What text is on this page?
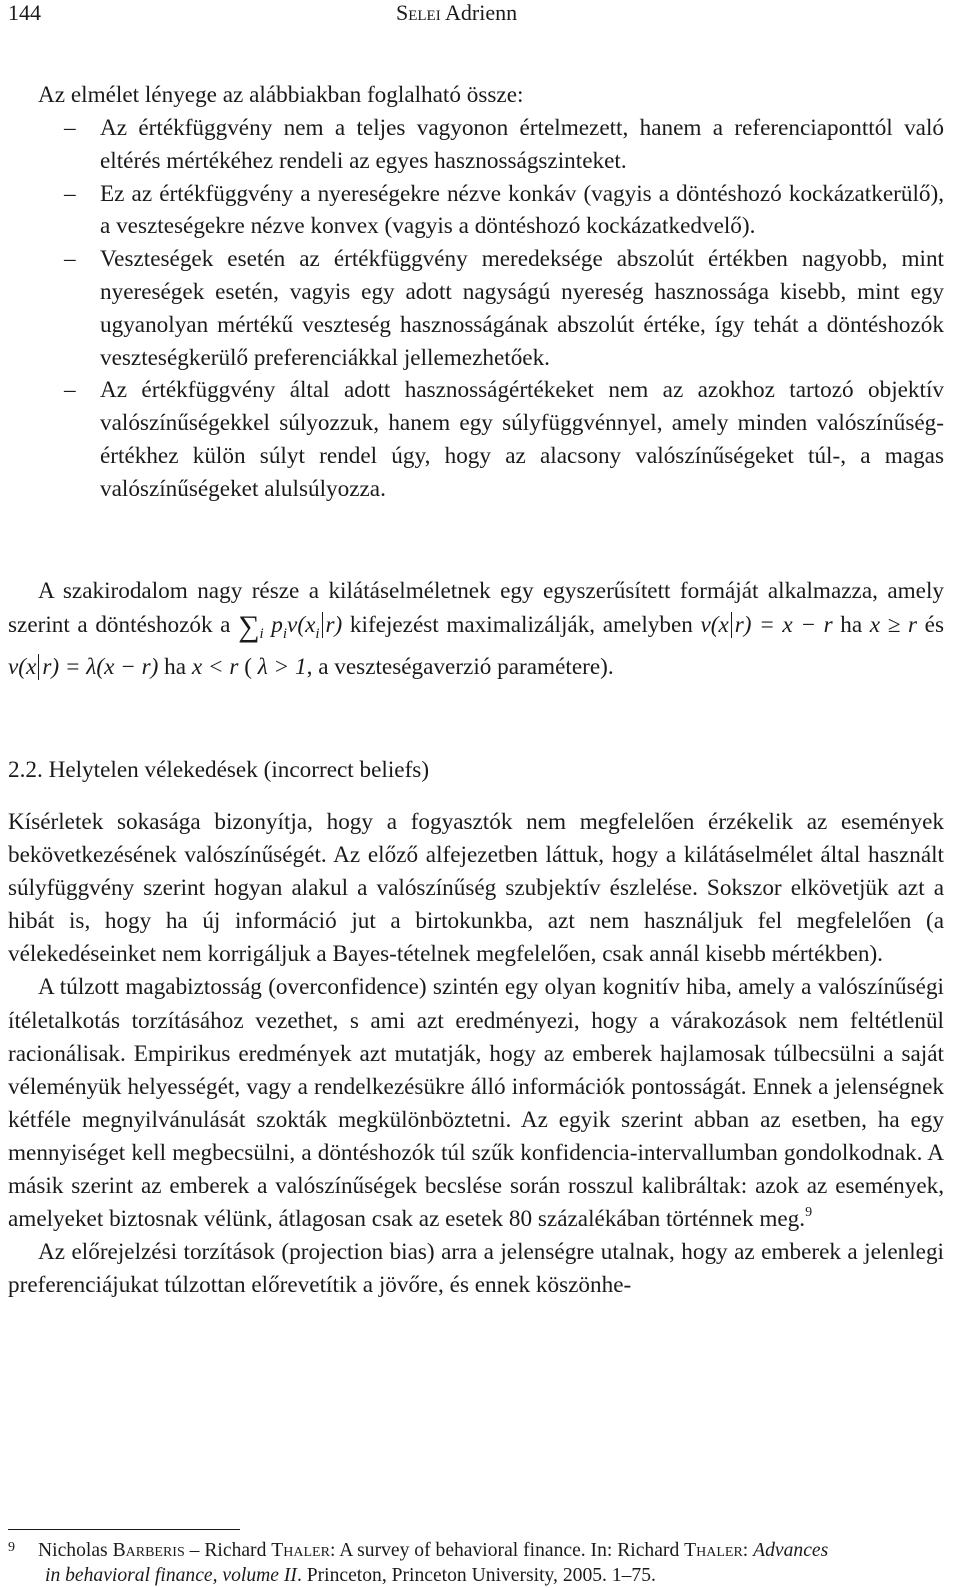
144	Selei Adrienn

Az elmélet lényege az alábbiakban foglalható össze:

– Az értékfüggvény nem a teljes vagyonon értelmezett, hanem a referenciaponttól való eltérés mértékéhez rendeli az egyes hasznosságszinteket.
– Ez az értékfüggvény a nyereségekre nézve konkáv (vagyis a döntéshozó kockázatkerülő), a veszteségekre nézve konvex (vagyis a döntéshozó kockázatkedvelő).
– Veszteségek esetén az értékfüggvény meredeksége abszolút értékben nagyobb, mint nyereségek esetén, vagyis egy adott nagyságú nyereség hasznossága kisebb, mint egy ugyanolyan mértékű veszteség hasznosságának abszolút értéke, így tehát a döntéshozók veszteségkerülő preferenciákkal jellemezhetőek.
– Az értékfüggvény által adott hasznosságértékeket nem az azokhoz tartozó objektív valószínűségekkel súlyozzuk, hanem egy súlyfüggvénnyel, amely minden valószínűség-értékhez külön súlyt rendel úgy, hogy az alacsony valószínűségeket túl-, a magas valószínűségeket alulsúlyozza.

A szakirodalom nagy része a kilátáselméletnek egy egyszerűsített formáját alkalmazza, amely szerint a döntéshozók a $\sum_i$ $p_iv(x_i$ r) kifejezést maximalizálják, amelyben v(x r) = x − r ha x ≥ r és v(x r) = λ(x − r) ha x < r ( λ > 1, a veszteségaverzió paramétere).

2.2. Helytelen vélekedések (incorrect beliefs)

Kísérletek sokasága bizonyítja, hogy a fogyasztók nem megfelelően érzékelik az események bekövetkezésének valószínűségét. Az előző alfejezetben láttuk, hogy a kilátáselmélet által használt súlyfüggvény szerint hogyan alakul a valószínűség szubjektív észlelése. Sokszor elkövetjük azt a hibát is, hogy ha új információ jut a birtokunkba, azt nem használjuk fel megfelelően (a vélekedéseinket nem korrigáljuk a Bayes-tételnek megfelelően, csak annál kisebb mértékben).

A túlzott magabiztosság (overconfidence) szintén egy olyan kognitív hiba, amely a valószínűségi ítéletalkotás torzításához vezethet, s ami azt eredményezi, hogy a várakozások nem feltétlenül racionálisak. Empirikus eredmények azt mutatják, hogy az emberek hajlamosak túlbecsülni a saját véleményük helyességét, vagy a rendelkezésükre álló információk pontosságát. Ennek a jelenségnek kétféle megnyilvánulását szokták megkülönböztetni. Az egyik szerint abban az esetben, ha egy mennyiséget kell megbecsülni, a döntéshozók túl szűk konfidencia-intervallumban gondolkodnak. A másik szerint az emberek a valószínűségek becslése során rosszul kalibráltak: azok az események, amelyeket biztosnak vélünk, átlagosan csak az esetek 80 százalékában történnek meg.$^9$

Az előrejelzési torzítások (projection bias) arra a jelenségre utalnak, hogy az emberek a jelenlegi preferenciájukat túlzottan előrevetítik a jövőre, és ennek köszönhe-

9	Nicholas Barberis – Richard Thaler: A survey of behavioral finance. In: Richard Thaler: Advances

in behavioral finance, volume II. Princeton, Princeton University, 2005. 1–75.
